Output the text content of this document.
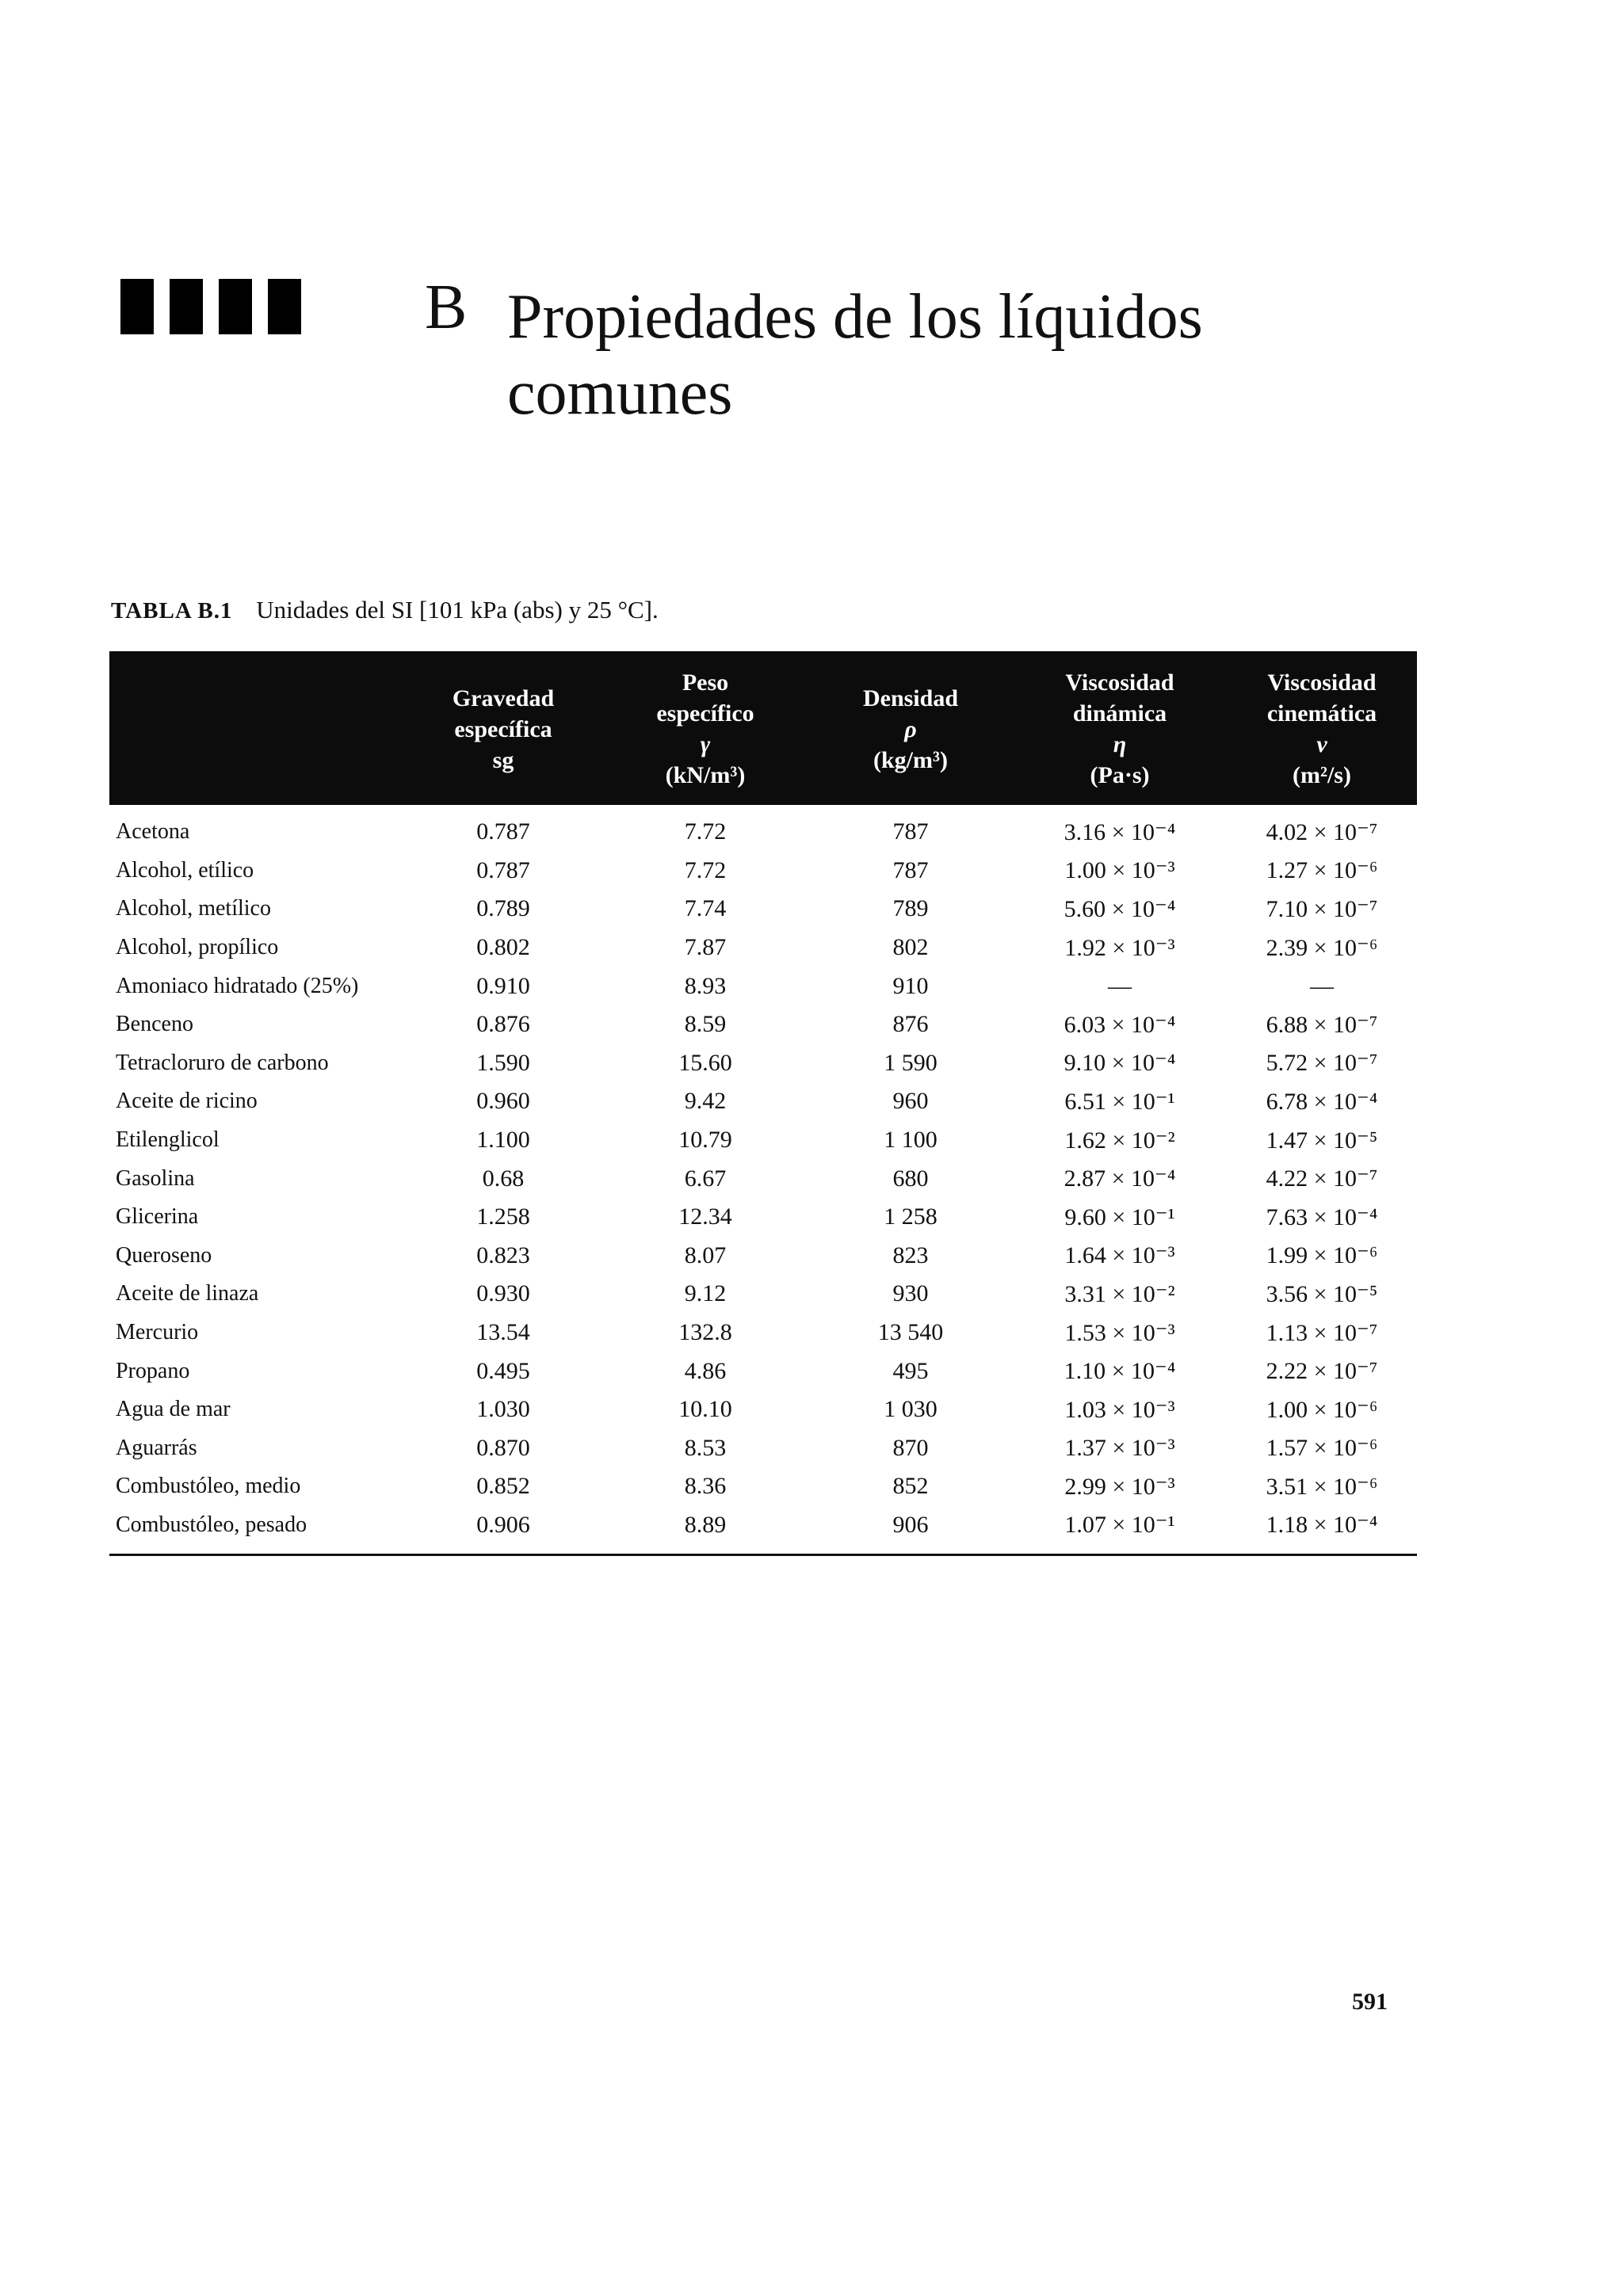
B Propiedades de los líquidos comunes
TABLA B.1 Unidades del SI [101 kPa (abs) y 25 °C].

	Gravedad
específica
sg	Peso
específico
γ
(kN/m³)	Densidad
ρ
(kg/m³)	Viscosidad
dinámica
η
(Pa·s)	Viscosidad
cinemática
ν
(m²/s)

Acetona	0.787	7.72	787	3.16 × 10⁻⁴	4.02 × 10⁻⁷
Alcohol, etílico	0.787	7.72	787	1.00 × 10⁻³	1.27 × 10⁻⁶
Alcohol, metílico	0.789	7.74	789	5.60 × 10⁻⁴	7.10 × 10⁻⁷
Alcohol, propílico	0.802	7.87	802	1.92 × 10⁻³	2.39 × 10⁻⁶
Amoniaco hidratado (25%)	0.910	8.93	910	—	—
Benceno	0.876	8.59	876	6.03 × 10⁻⁴	6.88 × 10⁻⁷
Tetracloruro de carbono	1.590	15.60	1 590	9.10 × 10⁻⁴	5.72 × 10⁻⁷
Aceite de ricino	0.960	9.42	960	6.51 × 10⁻¹	6.78 × 10⁻⁴
Etilenglicol	1.100	10.79	1 100	1.62 × 10⁻²	1.47 × 10⁻⁵
Gasolina	0.68	6.67	680	2.87 × 10⁻⁴	4.22 × 10⁻⁷
Glicerina	1.258	12.34	1 258	9.60 × 10⁻¹	7.63 × 10⁻⁴
Queroseno	0.823	8.07	823	1.64 × 10⁻³	1.99 × 10⁻⁶
Aceite de linaza	0.930	9.12	930	3.31 × 10⁻²	3.56 × 10⁻⁵
Mercurio	13.54	132.8	13 540	1.53 × 10⁻³	1.13 × 10⁻⁷
Propano	0.495	4.86	495	1.10 × 10⁻⁴	2.22 × 10⁻⁷
Agua de mar	1.030	10.10	1 030	1.03 × 10⁻³	1.00 × 10⁻⁶
Aguarrás	0.870	8.53	870	1.37 × 10⁻³	1.57 × 10⁻⁶
Combustóleo, medio	0.852	8.36	852	2.99 × 10⁻³	3.51 × 10⁻⁶
Combustóleo, pesado	0.906	8.89	906	1.07 × 10⁻¹	1.18 × 10⁻⁴
591
